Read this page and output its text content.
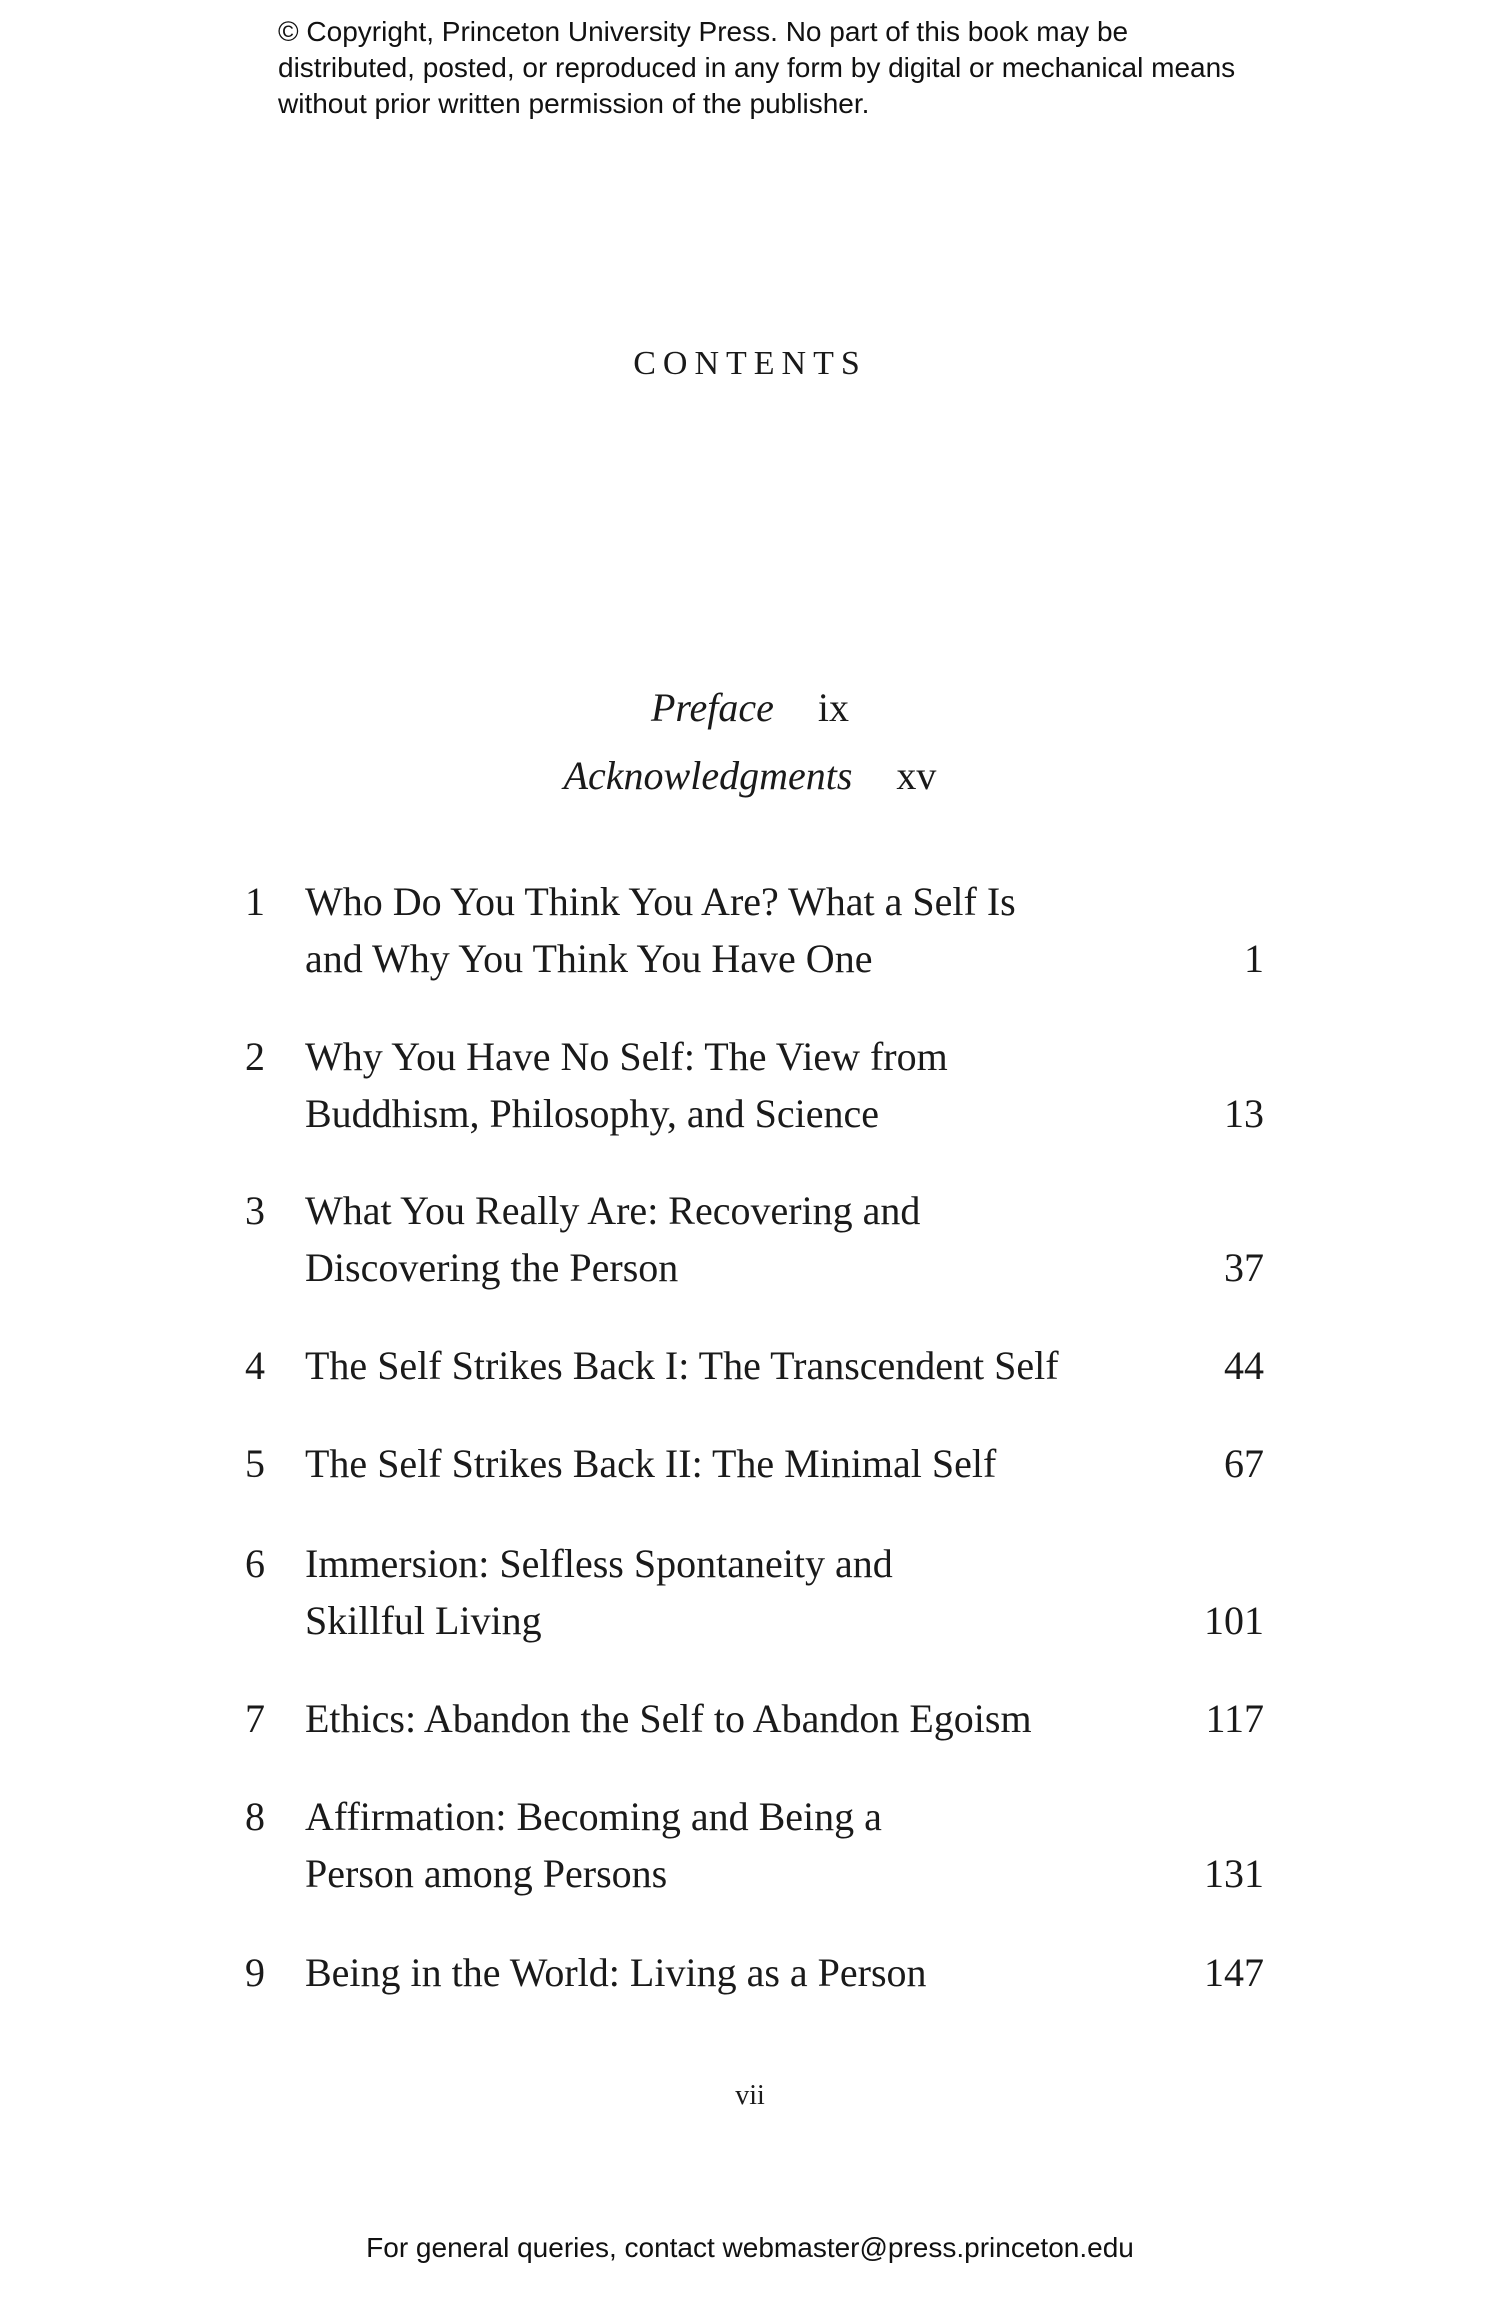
© Copyright, Princeton University Press. No part of this book may be distributed, posted, or reproduced in any form by digital or mechanical means without prior written permission of the publisher.
CONTENTS
Preface ix
Acknowledgments xv
1 Who Do You Think You Are? What a Self Is
and Why You Think You Have One	1
2 Why You Have No Self: The View from
Buddhism, Philosophy, and Science	13
3 What You Really Are: Recovering and
Discovering the Person	37
4 The Self Strikes Back I: The Transcendent Self	44
5 The Self Strikes Back II: The Minimal Self	67
6 Immersion: Selfless Spontaneity and
Skillful Living	101
7 Ethics: Abandon the Self to Abandon Egoism	117
8 Affirmation: Becoming and Being a
Person among Persons	131
9 Being in the World: Living as a Person	147
vii
For general queries, contact webmaster@press.princeton.edu
